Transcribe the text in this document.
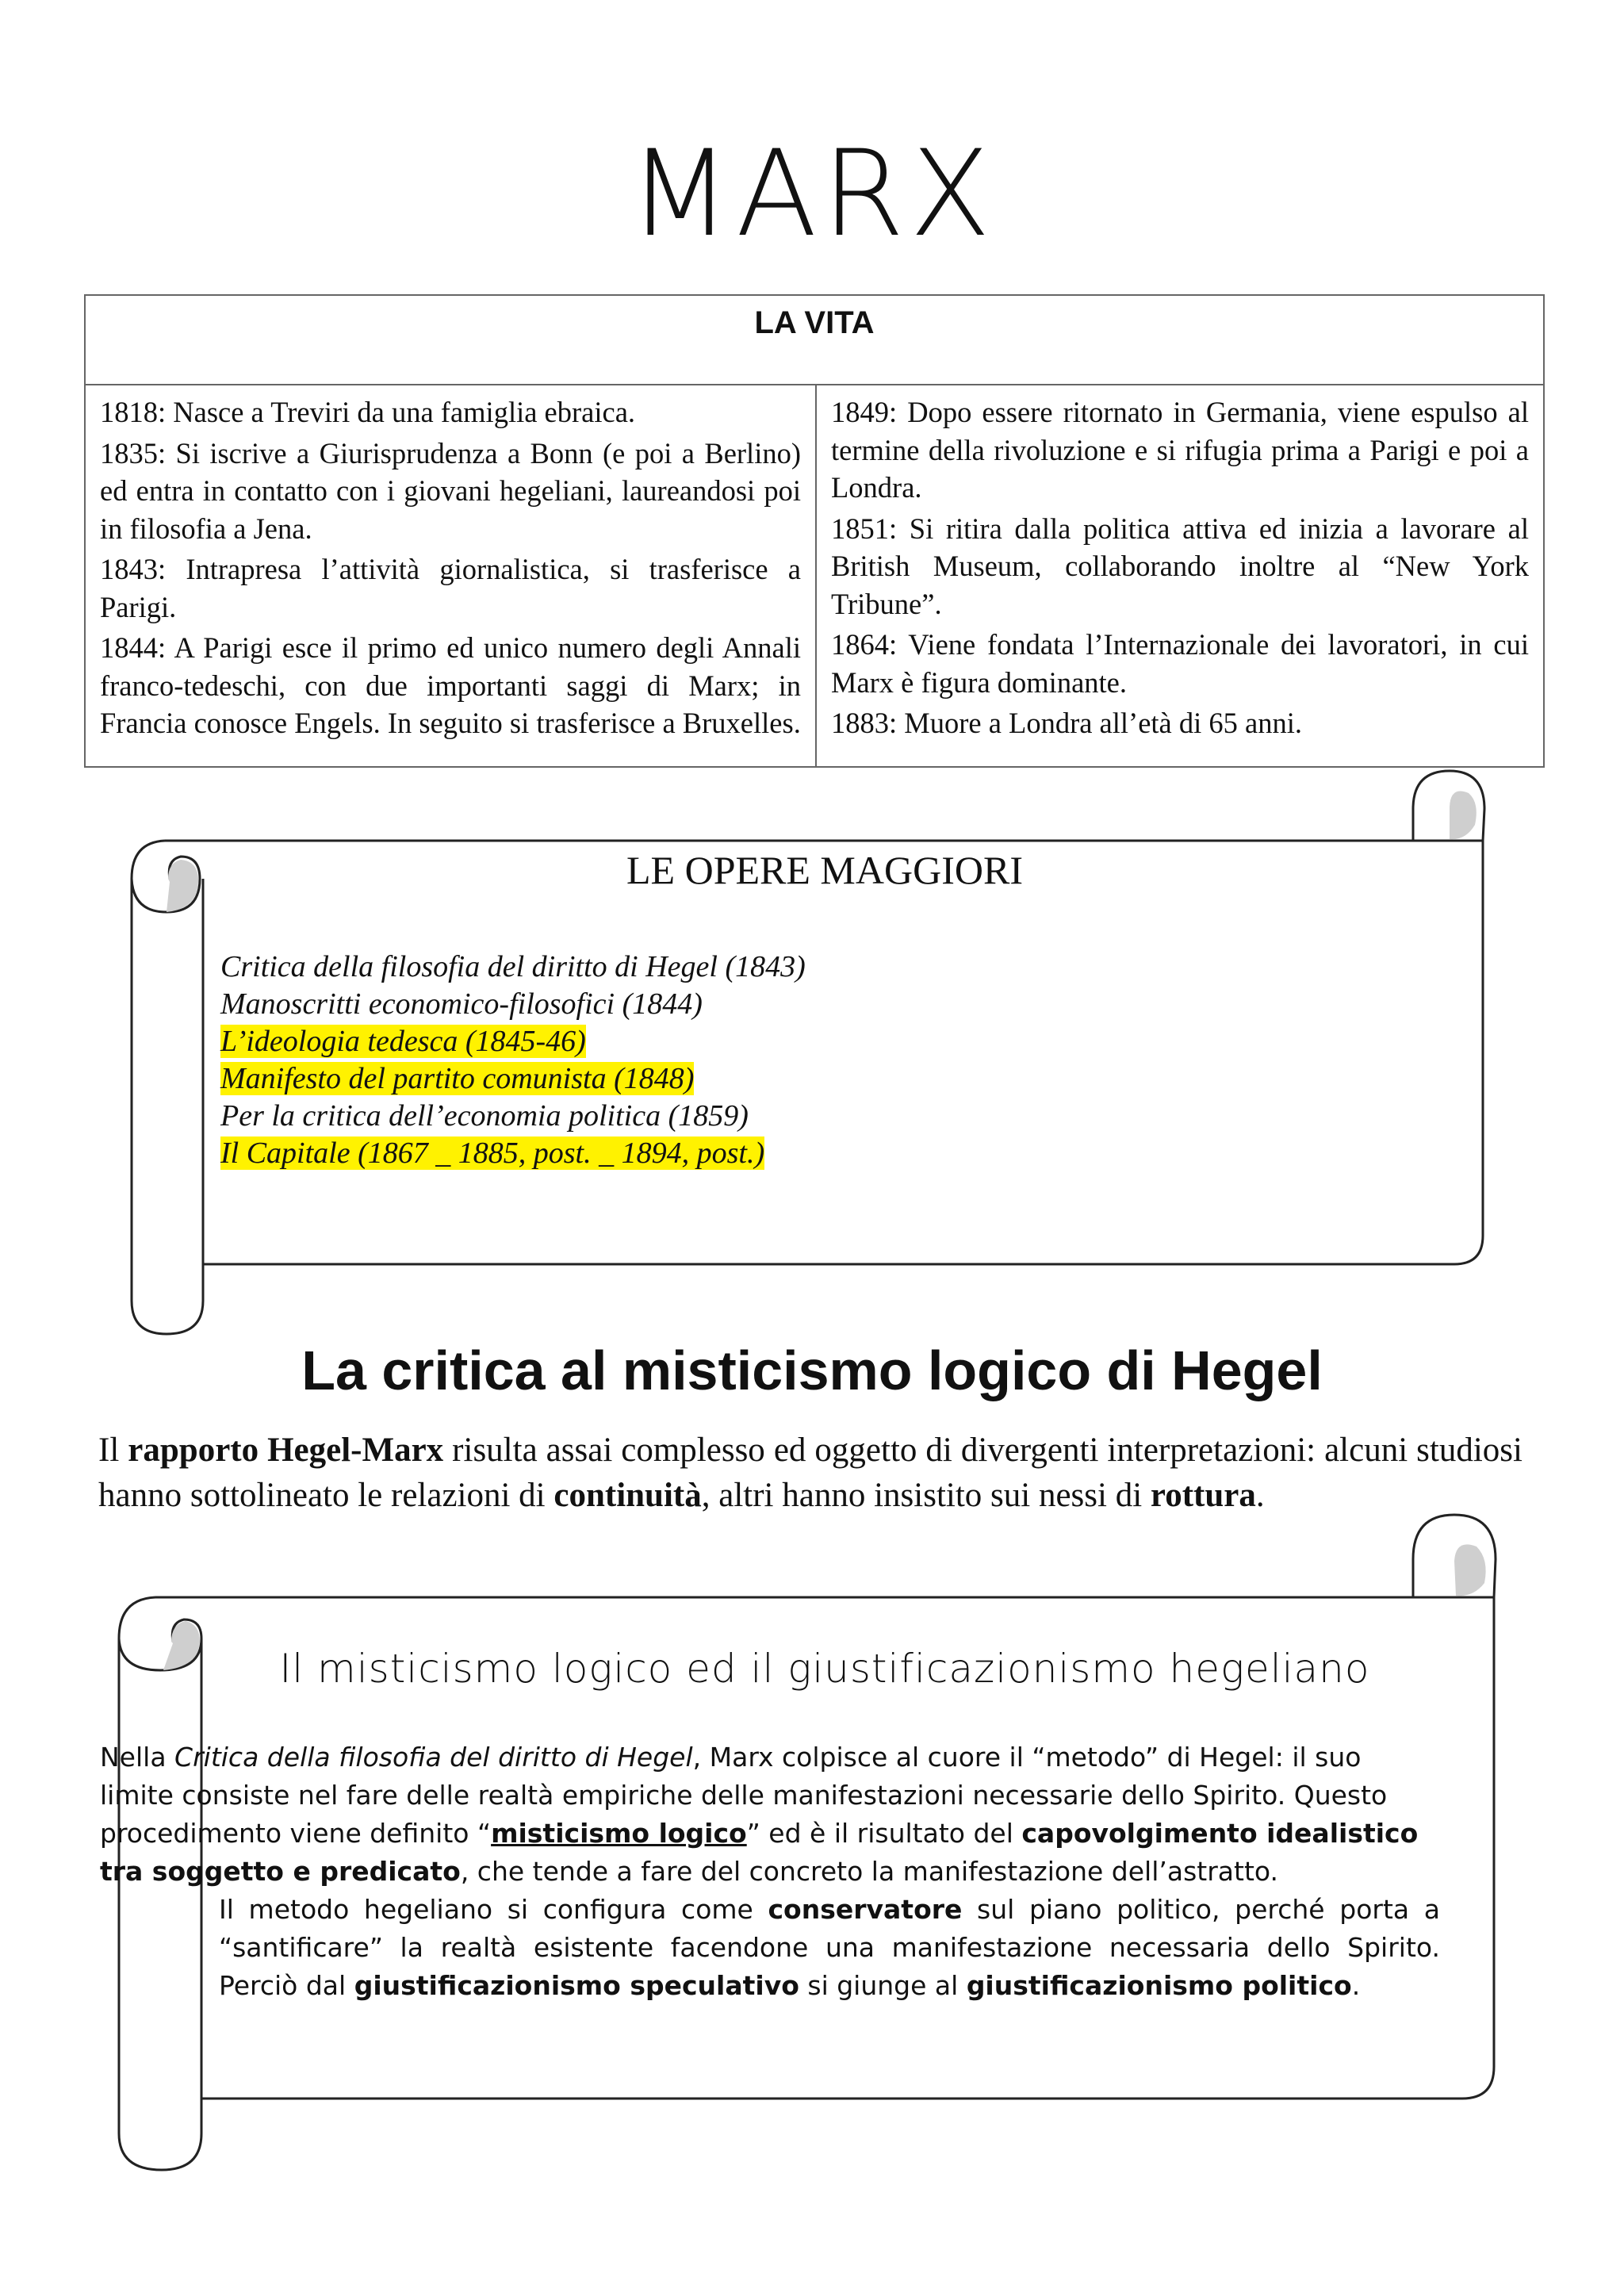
MARX
LA VITA

1818: Nasce a Treviri da una famiglia ebraica.

1835: Si iscrive a Giurisprudenza a Bonn (e poi a Berlino) ed entra in contatto con i giovani hegeliani, laureandosi poi in filosofia a Jena.

1843: Intrapresa l’attività giornalistica, si trasferisce a Parigi.

1844: A Parigi esce il primo ed unico numero degli Annali franco-tedeschi, con due importanti saggi di Marx; in Francia conosce Engels. In seguito si trasferisce a Bruxelles.

1849: Dopo essere ritornato in Germania, viene espulso al termine della rivoluzione e si rifugia prima a Parigi e poi a Londra.

1851: Si ritira dalla politica attiva ed inizia a lavorare al British Museum, collaborando inoltre al “New York Tribune”.

1864: Viene fondata l’Internazionale dei lavoratori, in cui Marx è figura dominante.

1883: Muore a Londra all’età di 65 anni.

LE OPERE MAGGIORI
Critica della filosofia del diritto di Hegel (1843)
Manoscritti economico-filosofici (1844)
L’ideologia tedesca (1845-46)
Manifesto del partito comunista (1848)
Per la critica dell’economia politica (1859)
Il Capitale (1867 _ 1885, post. _ 1894, post.)
La critica al misticismo logico di Hegel
Il rapporto Hegel-Marx risulta assai complesso ed oggetto di divergenti interpretazioni: alcuni studiosi hanno sottolineato le relazioni di continuità, altri hanno insistito sui nessi di rottura.
Il misticismo logico ed il giustificazionismo hegeliano

Nella Critica della filosofia del diritto di Hegel, Marx colpisce al cuore il “metodo” di Hegel: il suo limite consiste nel fare delle realtà empiriche delle manifestazioni necessarie dello Spirito. Questo procedimento viene definito “misticismo logico” ed è il risultato del capovolgimento idealistico tra soggetto e predicato, che tende a fare del concreto la manifestazione dell’astratto.

Il metodo hegeliano si configura come conservatore sul piano politico, perché porta a “santificare” la realtà esistente facendone una manifestazione necessaria dello Spirito. Perciò dal giustificazionismo speculativo si giunge al giustificazionismo politico.
